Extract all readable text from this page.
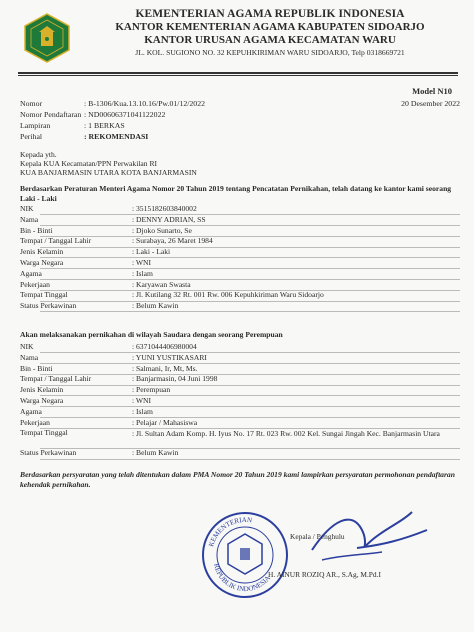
KEMENTERIAN AGAMA REPUBLIK INDONESIA
KANTOR KEMENTERIAN AGAMA KABUPATEN SIDOARJO
KANTOR URUSAN AGAMA KECAMATAN WARU
JL. KOL. SUGIONO NO. 32 KEPUHKIRIMAN WARU SIDOARJO, Telp 0318669721
Model N10
Nomor	: B-1306/Kua.13.10.16/Pw.01/12/2022	20 Desember 2022
Nomor Pendaftaran : ND00606371041122022
Lampiran	: 1 BERKAS
Perihal	: REKOMENDASI
Kepada yth.
Kepala KUA Kecamatan/PPN Perwakilan RI
KUA BANJARMASIN UTARA KOTA BANJARMASIN
Berdasarkan Peraturan Menteri Agama Nomor 20 Tahun 2019 tentang Pencatatan Pernikahan, telah datang ke kantor kami seorang Laki - Laki
NIK	: 3515182603840002
Nama	: DENNY ADRIAN, SS
Bin - Binti	: Djoko Sunarto, Se
Tempat / Tanggal Lahir	: Surabaya, 26 Maret 1984
Jenis Kelamin	: Laki - Laki
Warga Negara	: WNI
Agama	: Islam
Pekerjaan	: Karyawan Swasta
Tempat Tinggal	: Jl. Kutilang 32 Rt. 001 Rw. 006 Kepuhkiriman Waru Sidoarjo
Status Perkawinan	: Belum Kawin
Akan melaksanakan pernikahan di wilayah Saudara dengan seorang Perempuan
NIK	: 6371044406980004
Nama	: YUNI YUSTIKASARI
Bin - Binti	: Salmani, Ir, Mt, Ms.
Tempat / Tanggal Lahir	: Banjarmasin, 04 Juni 1998
Jenis Kelamin	: Perempuan
Warga Negara	: WNI
Agama	: Islam
Pekerjaan	: Pelajar / Mahasiswa
Tempat Tinggal	: Jl. Sultan Adam Komp. H. Iyus No. 17 Rt. 023 Rw. 002 Kel. Sungai Jingah Kec. Banjarmasin Utara
Status Perkawinan	: Belum Kawin
Berdasarkan persyaratan yang telah ditentukan dalam PMA Nomor 20 Tahun 2019 kami lampirkan persyaratan permohonan pendaftaran kehendak pernikahan.
KEMENTERIAN
REPUBLIK INDONESIA
Kepala / Penghulu
H. AINUR ROZIQ AR., S.Ag, M.Pd.I
